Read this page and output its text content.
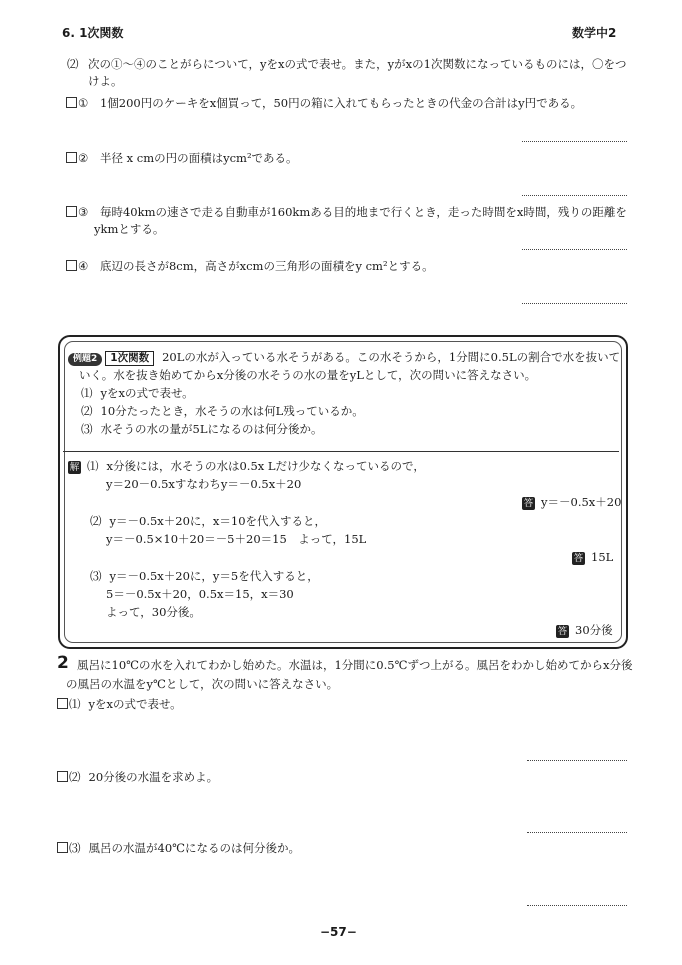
6. 1次関数	数学中2
⑵ 次の①～④のことがらについて，yをxの式で表せ。また，yがxの1次関数になっているものには，〇をつ
けよ。
① 1個200円のケーキをx個買って，50円の箱に入れてもらったときの代金の合計はy円である。
② 半径 x cmの円の面積はycm²である。
③ 毎時40kmの速さで走る自動車が160kmある目的地まで行くとき，走った時間をx時間，残りの距離を
ykmとする。
④ 底辺の長さが8cm，高さがxcmの三角形の面積をy cm²とする。
例題2 1次関数 20Lの水が入っている水そうがある。この水そうから，1分間に0.5Lの割合で水を抜いて
いく。水を抜き始めてからx分後の水そうの水の量をyLとして，次の問いに答えなさい。
⑴ yをxの式で表せ。
⑵ 10分たったとき，水そうの水は何L残っているか。
⑶ 水そうの水の量が5Lになるのは何分後か。
解 ⑴ x分後には，水そうの水は0.5x Lだけ少なくなっているので，
y＝20－0.5xすなわちy＝－0.5x＋20
答 y＝－0.5x＋20
⑵ y＝－0.5x＋20に，x＝10を代入すると，
y＝－0.5×10＋20＝－5＋20＝15　よって，15L
答 15L
⑶ y＝－0.5x＋20に，y＝5を代入すると，
5＝－0.5x＋20，0.5x＝15，x＝30
よって，30分後。
答 30分後
2 風呂に10℃の水を入れてわかし始めた。水温は，1分間に0.5℃ずつ上がる。風呂をわかし始めてからx分後
の風呂の水温をy℃として，次の問いに答えなさい。
⑴ yをxの式で表せ。
⑵ 20分後の水温を求めよ。
⑶ 風呂の水温が40℃になるのは何分後か。
−57−
